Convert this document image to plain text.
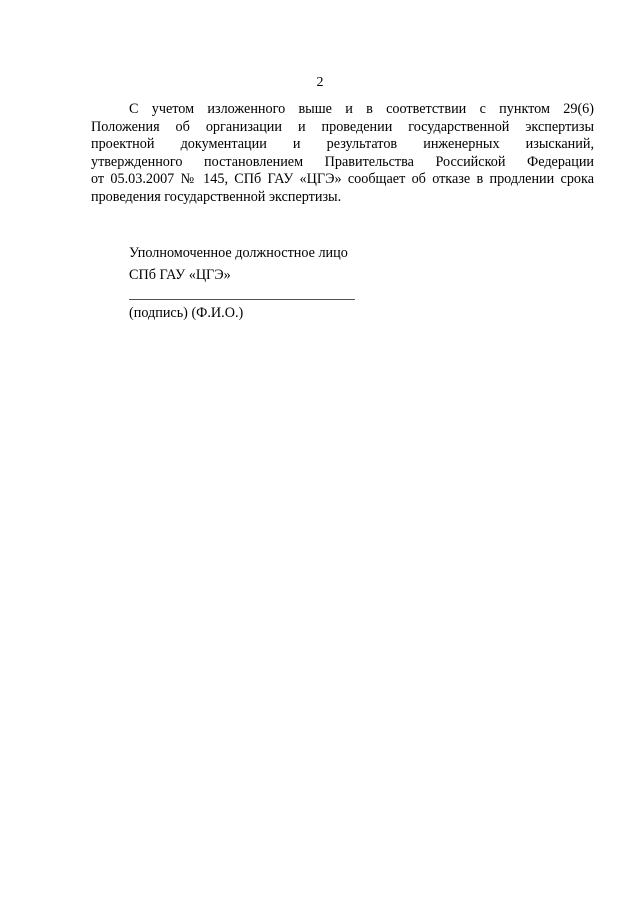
2
С учетом изложенного выше и в соответствии с пунктом 29(6)
Положения об организации и проведении государственной экспертизы
проектной документации и результатов инженерных изысканий,
утвержденного постановлением Правительства Российской Федерации
от 05.03.2007 № 145, СПб ГАУ «ЦГЭ» сообщает об отказе в продлении срока
проведения государственной экспертизы.
Уполномоченное должностное лицо
СПб ГАУ «ЦГЭ»
(подпись) (Ф.И.О.)
